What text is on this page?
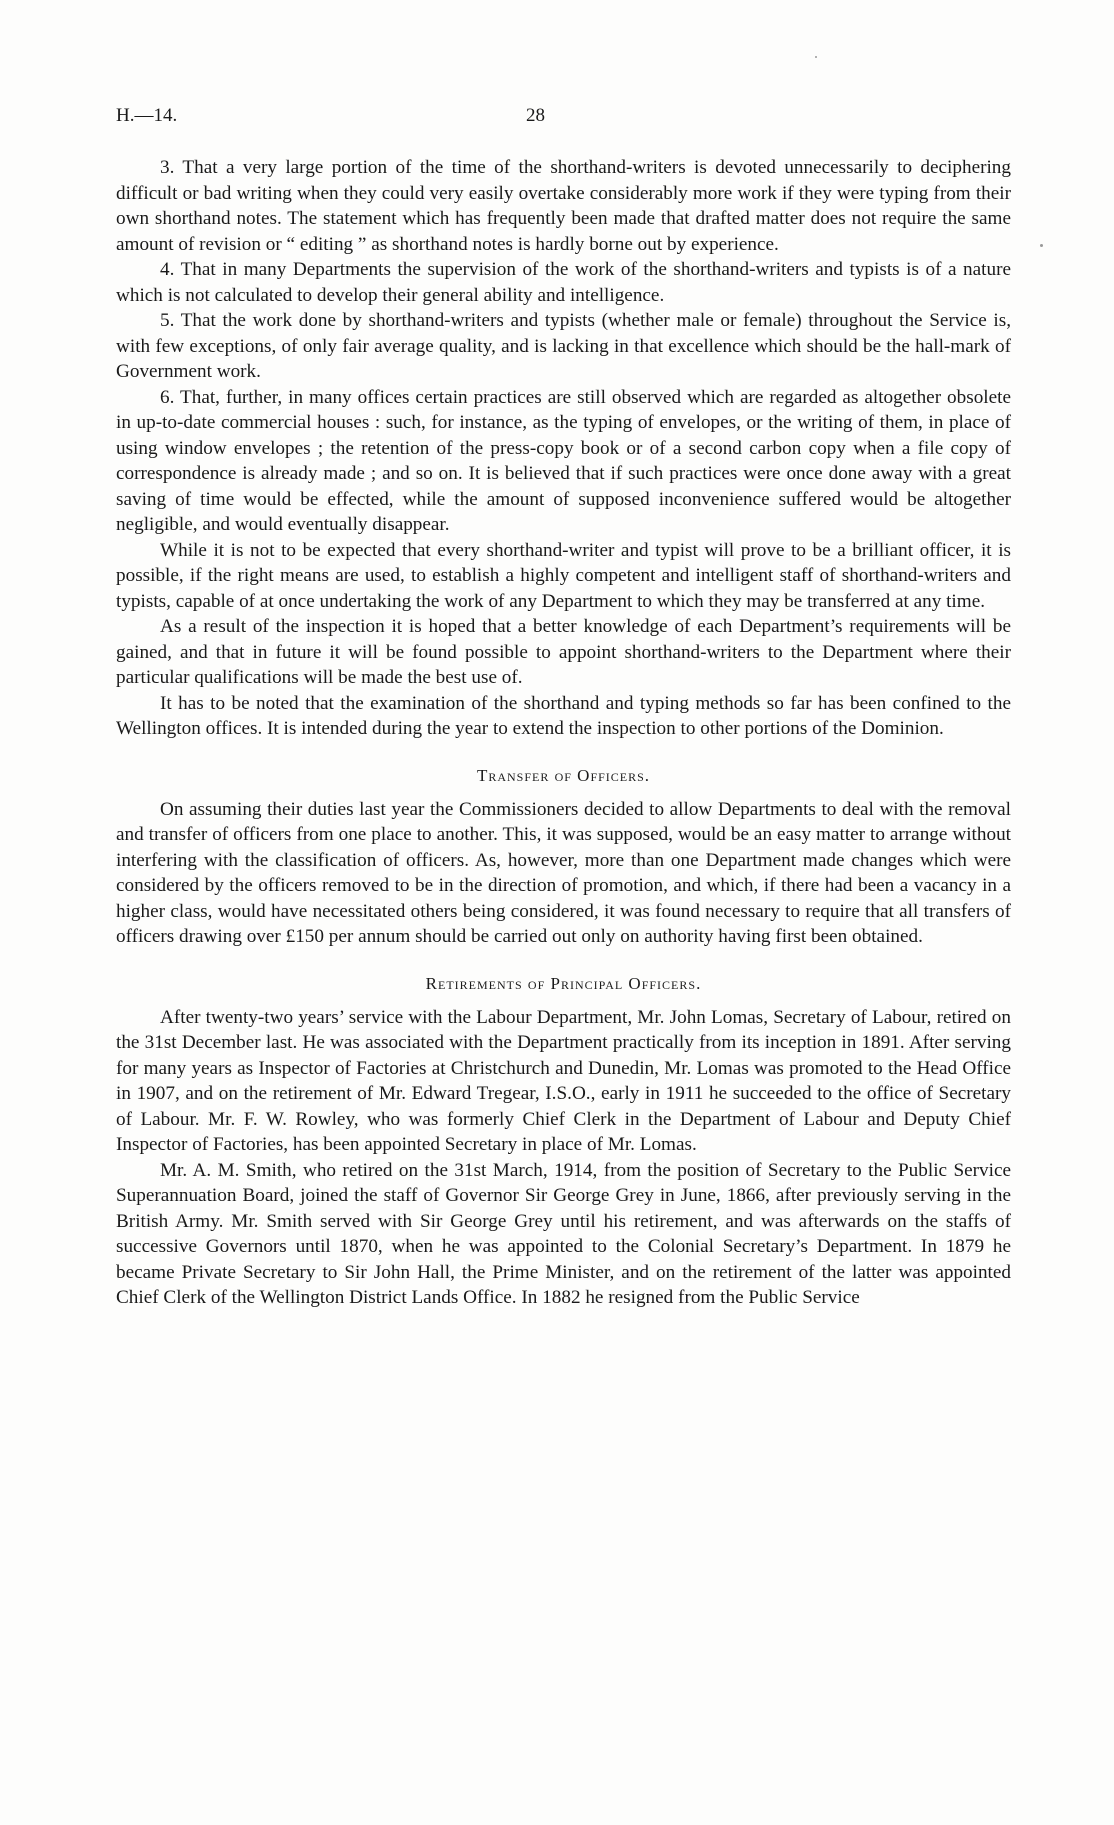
H.—14.	28

3. That a very large portion of the time of the shorthand-writers is devoted unnecessarily to deciphering difficult or bad writing when they could very easily overtake considerably more work if they were typing from their own shorthand notes. The statement which has frequently been made that drafted matter does not require the same amount of revision or “ editing ” as shorthand notes is hardly borne out by experience.

4. That in many Departments the supervision of the work of the shorthand-writers and typists is of a nature which is not calculated to develop their general ability and intelligence.

5. That the work done by shorthand-writers and typists (whether male or female) throughout the Service is, with few exceptions, of only fair average quality, and is lacking in that excellence which should be the hall-mark of Government work.

6. That, further, in many offices certain practices are still observed which are regarded as altogether obsolete in up-to-date commercial houses : such, for instance, as the typing of envelopes, or the writing of them, in place of using window envelopes ; the retention of the press-copy book or of a second carbon copy when a file copy of correspondence is already made ; and so on. It is believed that if such practices were once done away with a great saving of time would be effected, while the amount of supposed inconvenience suffered would be altogether negligible, and would eventually disappear.

While it is not to be expected that every shorthand-writer and typist will prove to be a brilliant officer, it is possible, if the right means are used, to establish a highly competent and intelligent staff of shorthand-writers and typists, capable of at once undertaking the work of any Department to which they may be transferred at any time.

As a result of the inspection it is hoped that a better knowledge of each Department’s requirements will be gained, and that in future it will be found possible to appoint shorthand-writers to the Department where their particular qualifications will be made the best use of.

It has to be noted that the examination of the shorthand and typing methods so far has been confined to the Wellington offices. It is intended during the year to extend the inspection to other portions of the Dominion.

Transfer of Officers.

On assuming their duties last year the Commissioners decided to allow Departments to deal with the removal and transfer of officers from one place to another. This, it was supposed, would be an easy matter to arrange without interfering with the classification of officers. As, however, more than one Department made changes which were considered by the officers removed to be in the direction of promotion, and which, if there had been a vacancy in a higher class, would have necessitated others being considered, it was found necessary to require that all transfers of officers drawing over £150 per annum should be carried out only on authority having first been obtained.

Retirements of Principal Officers.

After twenty-two years’ service with the Labour Department, Mr. John Lomas, Secretary of Labour, retired on the 31st December last. He was associated with the Department practically from its inception in 1891. After serving for many years as Inspector of Factories at Christchurch and Dunedin, Mr. Lomas was promoted to the Head Office in 1907, and on the retirement of Mr. Edward Tregear, I.S.O., early in 1911 he succeeded to the office of Secretary of Labour. Mr. F. W. Rowley, who was formerly Chief Clerk in the Department of Labour and Deputy Chief Inspector of Factories, has been appointed Secretary in place of Mr. Lomas.

Mr. A. M. Smith, who retired on the 31st March, 1914, from the position of Secretary to the Public Service Superannuation Board, joined the staff of Governor Sir George Grey in June, 1866, after previously serving in the British Army. Mr. Smith served with Sir George Grey until his retirement, and was afterwards on the staffs of successive Governors until 1870, when he was appointed to the Colonial Secretary’s Department. In 1879 he became Private Secretary to Sir John Hall, the Prime Minister, and on the retirement of the latter was appointed Chief Clerk of the Wellington District Lands Office. In 1882 he resigned from the Public Service
